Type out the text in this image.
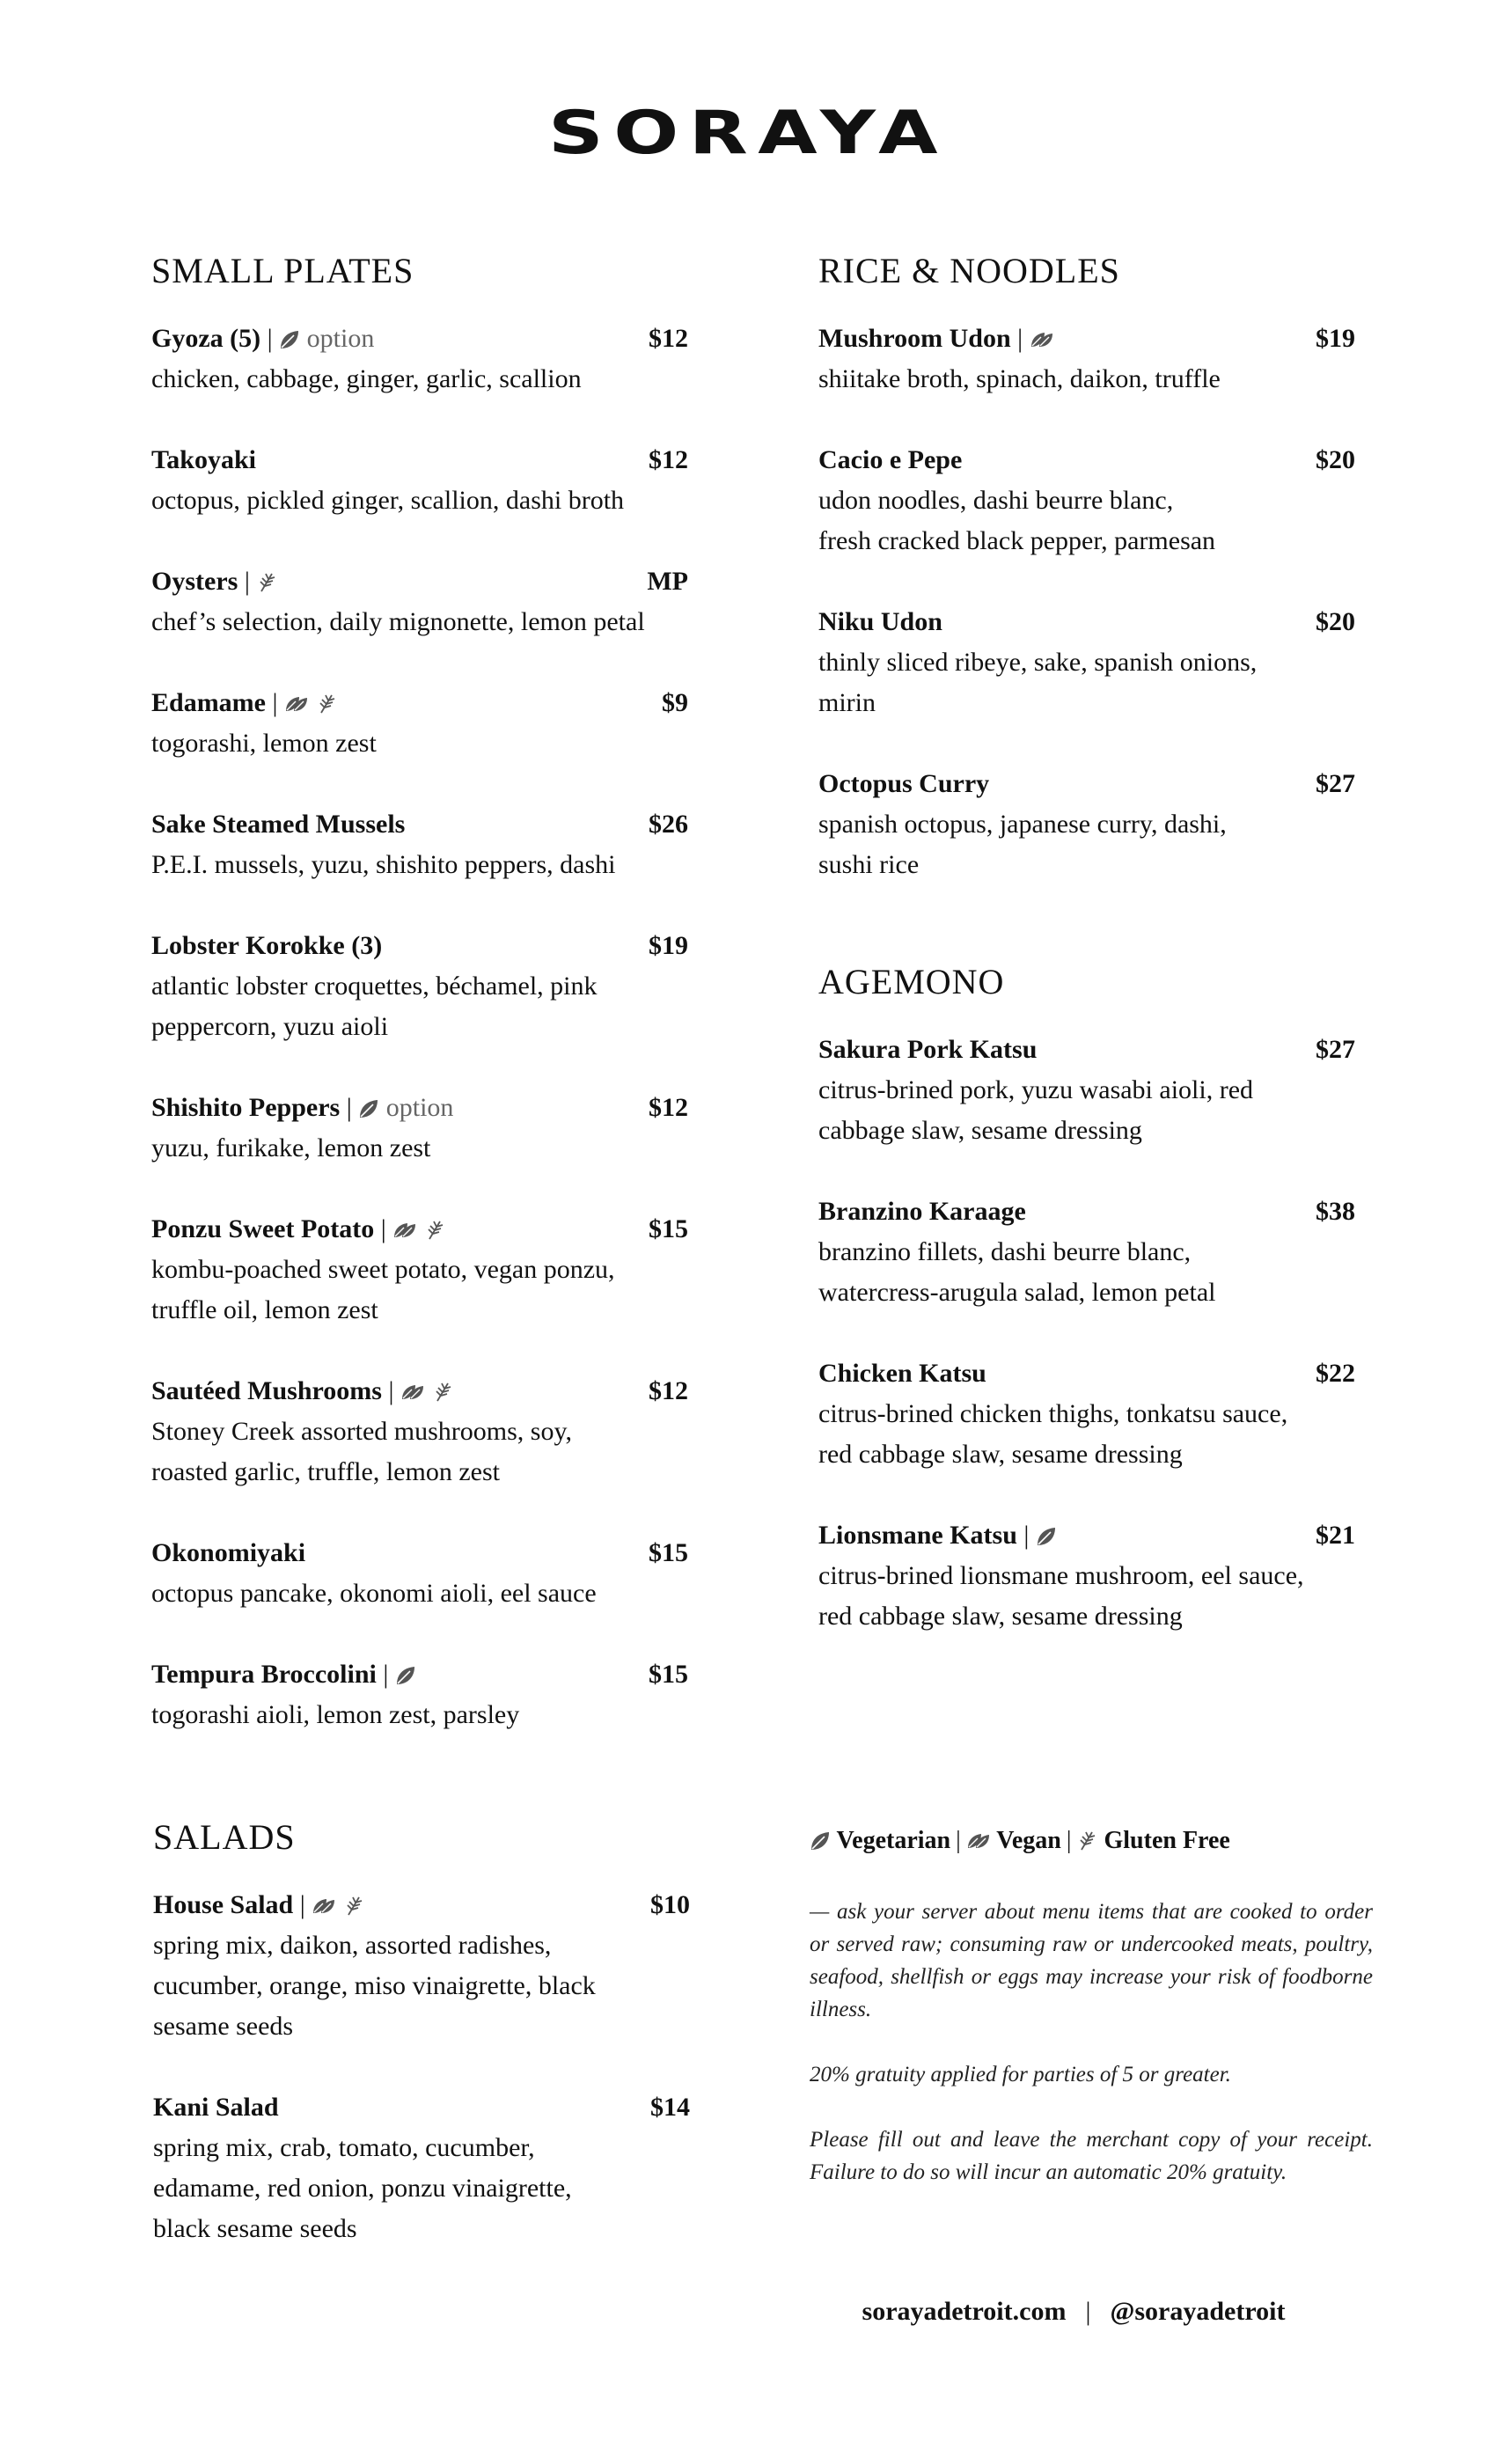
SORAYA
SMALL PLATES
Gyoza (5) |
option	$12
chicken, cabbage, ginger, garlic, scallion
Takoyaki	$12
octopus, pickled ginger, scallion, dashi broth
Oysters |	MP
chef’s selection, daily mignonette, lemon petal
Edamame |
	$9
togorashi, lemon zest
Sake Steamed Mussels	$26
P.E.I. mussels, yuzu, shishito peppers, dashi
Lobster Korokke (3)	$19
atlantic lobster croquettes, béchamel, pink
peppercorn, yuzu aioli
Shishito Peppers |
option	$12
yuzu, furikake, lemon zest
Ponzu Sweet Potato |
	$15
kombu-poached sweet potato, vegan ponzu,
truffle oil, lemon zest
Sautéed Mushrooms |
	$12
Stoney Creek assorted mushrooms, soy,
roasted garlic, truffle, lemon zest
Okonomiyaki	$15
octopus pancake, okonomi aioli, eel sauce
Tempura Broccolini |	$15
togorashi aioli, lemon zest, parsley
RICE & NOODLES
Mushroom Udon |	$19
shiitake broth, spinach, daikon, truffle
Cacio e Pepe	$20
udon noodles, dashi beurre blanc,
fresh cracked black pepper, parmesan
Niku Udon	$20
thinly sliced ribeye, sake, spanish onions,
mirin
Octopus Curry	$27
spanish octopus, japanese curry, dashi,
sushi rice
AGEMONO
Sakura Pork Katsu	$27
citrus-brined pork, yuzu wasabi aioli, red
cabbage slaw, sesame dressing
Branzino Karaage	$38
branzino fillets, dashi beurre blanc,
watercress-arugula salad, lemon petal
Chicken Katsu	$22
citrus-brined chicken thighs, tonkatsu sauce,
red cabbage slaw, sesame dressing
Lionsmane Katsu |	$21
citrus-brined lionsmane mushroom, eel sauce,
red cabbage slaw, sesame dressing
SALADS
House Salad |
	$10
spring mix, daikon, assorted radishes,
cucumber, orange, miso vinaigrette, black
sesame seeds
Kani Salad	$14
spring mix, crab, tomato, cucumber,
edamame, red onion, ponzu vinaigrette,
black sesame seeds
Vegetarian | Vegan | Gluten Free
— ask your server about menu items that are cooked to order or served raw; consuming raw or undercooked meats, poultry, seafood, shellfish or eggs may increase your risk of foodborne illness.
20% gratuity applied for parties of 5 or greater.
Please fill out and leave the merchant copy of your receipt. Failure to do so will incur an automatic 20% gratuity.
sorayadetroit.com | @sorayadetroit
